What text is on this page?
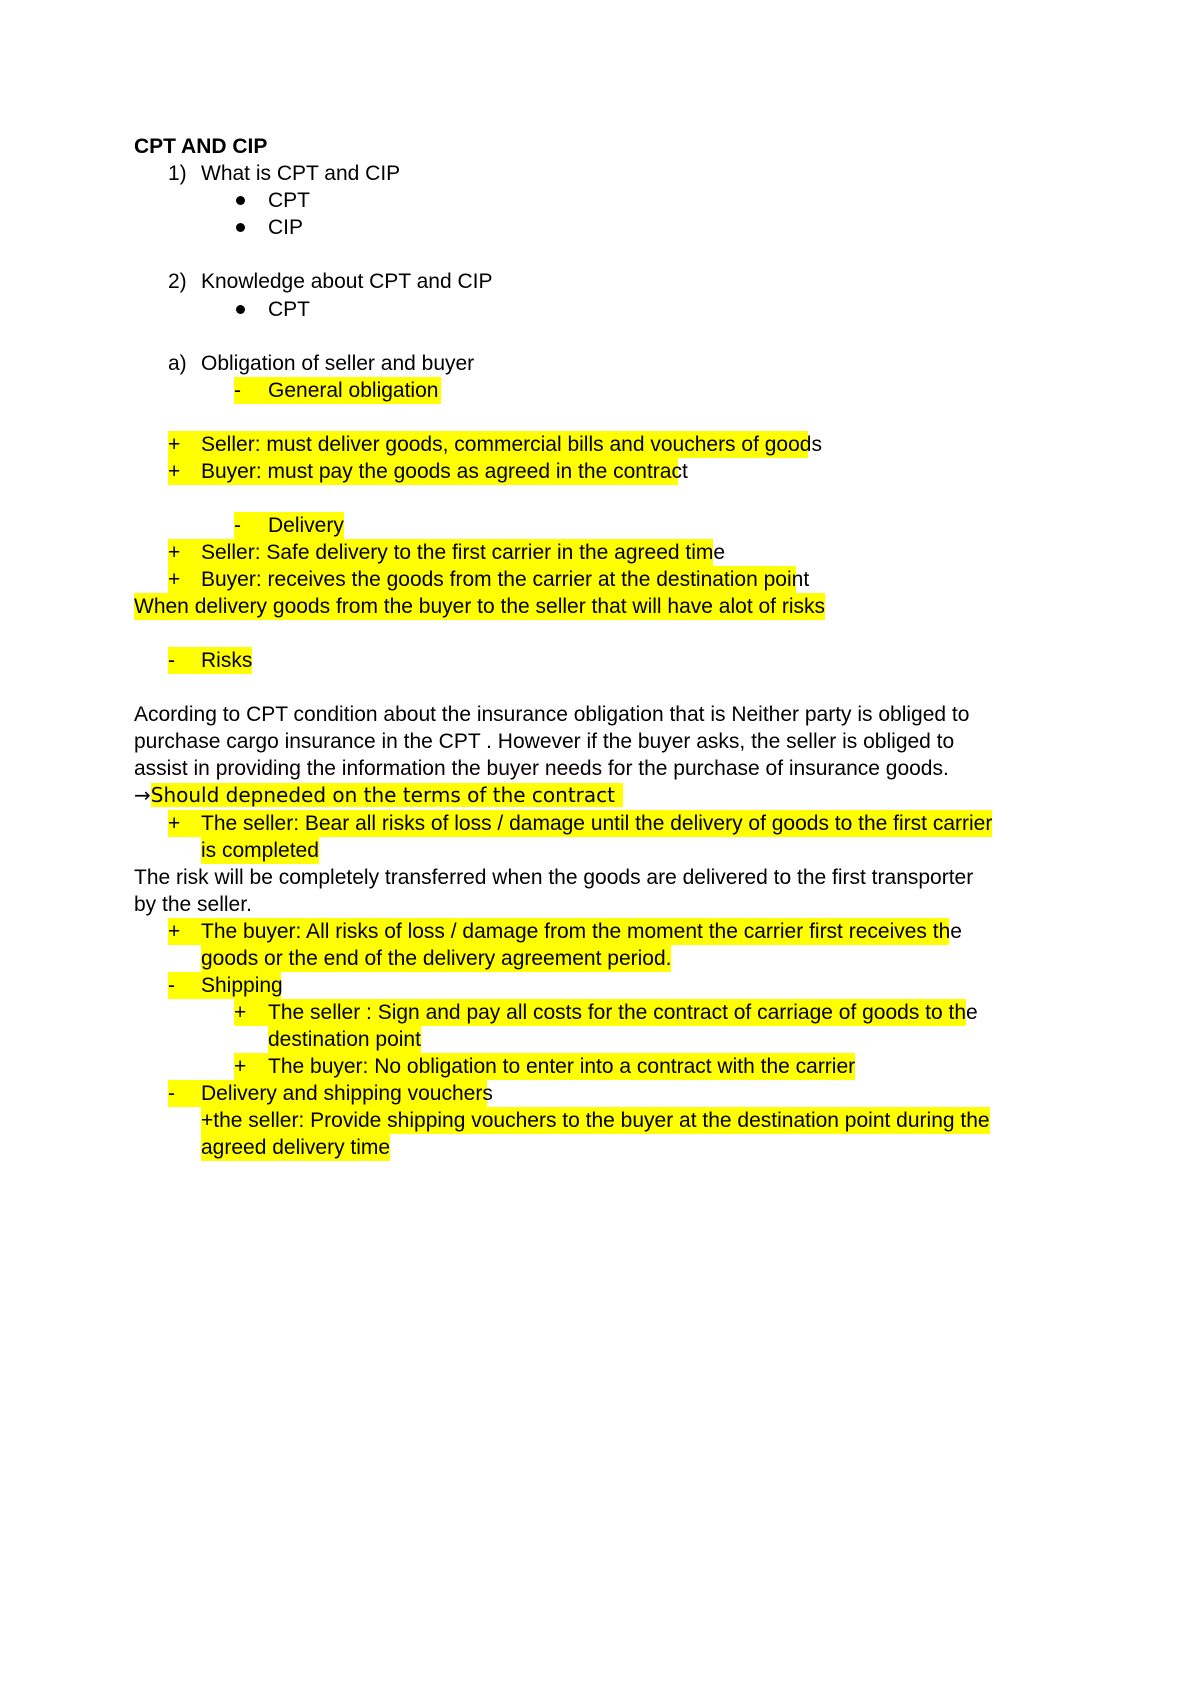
CPT AND CIP
1) What is CPT and CIP
CPT
CIP
2) Knowledge about CPT and CIP
CPT
a) Obligation of seller and buyer
- General obligation
+ Seller: must deliver goods, commercial bills and vouchers of goods
+ Buyer: must pay the goods as agreed in the contract
- Delivery
+ Seller: Safe delivery to the first carrier in the agreed time
+ Buyer: receives the goods from the carrier at the destination point
When delivery goods from the buyer to the seller that will have alot of risks
- Risks
Acording to CPT condition about the insurance obligation that is Neither party is obliged to
purchase cargo insurance in the CPT . However if the buyer asks, the seller is obliged to
assist in providing the information the buyer needs for the purchase of insurance goods.
→Should depneded on the terms of the contract
+ The seller: Bear all risks of loss / damage until the delivery of goods to the first carrier
is completed
The risk will be completely transferred when the goods are delivered to the first transporter
by the seller.
+ The buyer: All risks of loss / damage from the moment the carrier first receives the
goods or the end of the delivery agreement period.
- Shipping
+	The seller : Sign and pay all costs for the contract of carriage of goods to the
destination point
+	The buyer: No obligation to enter into a contract with the carrier
- Delivery and shipping vouchers
+the seller: Provide shipping vouchers to the buyer at the destination point during the
agreed delivery time
